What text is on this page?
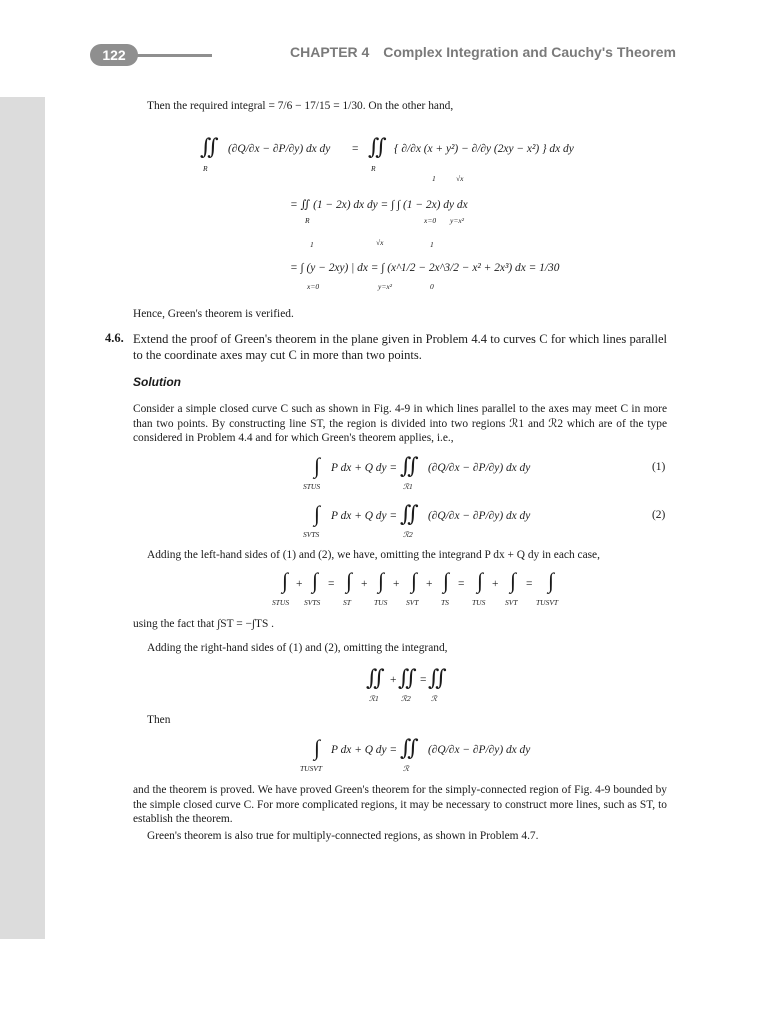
122	CHAPTER 4 Complex Integration and Cauchy's Theorem
Then the required integral = 7/6 − 17/15 = 1/30. On the other hand,
∬ (∂Q/∂x − ∂P/∂y) dx dy = ∬ { ∂/∂x (x + y²) − ∂/∂y (2xy − x²) } dx dy
R	R
1	√x
= ∬ (1 − 2x) dx dy = ∫ ∫ (1 − 2x) dy dx
R	x=0 y=x²
1	√x	1
= ∫ (y − 2xy) | dx = ∫ (x^1/2 − 2x^3/2 − x² + 2x³) dx = 1/30
x=0	y=x²	0
Hence, Green's theorem is verified.
4.6. Extend the proof of Green's theorem in the plane given in Problem 4.4 to curves C for which lines parallel to the coordinate axes may cut C in more than two points.
Solution
Consider a simple closed curve C such as shown in Fig. 4-9 in which lines parallel to the axes may meet C in more than two points. By constructing line ST, the region is divided into two regions ℛ1 and ℛ2 which are of the type considered in Problem 4.4 and for which Green's theorem applies, i.e.,
∫ P dx + Q dy = ∬ (∂Q/∂x − ∂P/∂y) dx dy
STUS	ℛ1
(1)
∫ P dx + Q dy = ∬ (∂Q/∂x − ∂P/∂y) dx dy
SVTS	ℛ2
(2)
Adding the left-hand sides of (1) and (2), we have, omitting the integrand P dx + Q dy in each case,
∫ + ∫ = ∫ + ∫ + ∫ + ∫ = ∫ + ∫ = ∫
STUS SVTS	ST	TUS SVT	TS	TUS	SVT TUSVT
using the fact that ∫ST = −∫TS .
Adding the right-hand sides of (1) and (2), omitting the integrand,
∬ + ∬ = ∬
ℛ1	ℛ2	ℛ
Then
∫ P dx + Q dy = ∬ (∂Q/∂x − ∂P/∂y) dx dy
TUSVT	ℛ
and the theorem is proved. We have proved Green's theorem for the simply-connected region of Fig. 4-9 bounded by the simple closed curve C. For more complicated regions, it may be necessary to construct more lines, such as ST, to establish the theorem.
Green's theorem is also true for multiply-connected regions, as shown in Problem 4.7.
